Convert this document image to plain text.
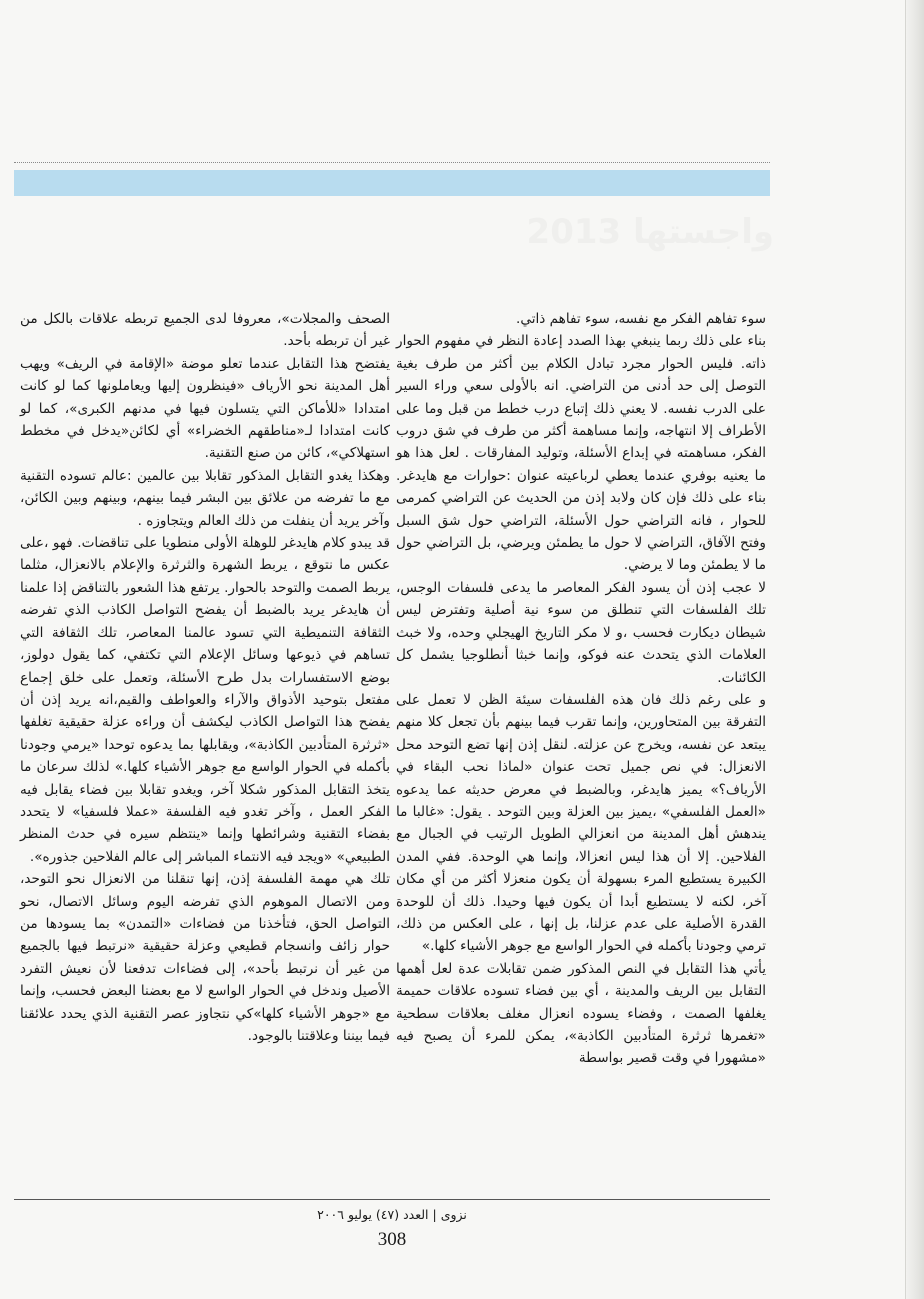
واجستها 2013

سوء تفاهم الفكر مع نفسه، سوء تفاهم ذاتي.

بناء على ذلك ربما ينبغي بهذا الصدد إعادة النظر في مفهوم الحوار ذاته. فليس الحوار مجرد تبادل الكلام بين أكثر من طرف بغية التوصل إلى حد أدنى من التراضي. انه بالأولى سعي وراء السير على الدرب نفسه. لا يعني ذلك إتباع درب خطط من قبل وما على الأطراف إلا انتهاجه، وإنما مساهمة أكثر من طرف في شق دروب الفكر، مساهمته في إبداع الأسئلة، وتوليد المفارقات . لعل هذا هو ما يعنيه بوفري عندما يعطي لرباعيته عنوان :حوارات مع هايدغر. بناء على ذلك فإن كان ولابد إذن من الحديث عن التراضي كمرمى للحوار ، فانه التراضي حول الأسئلة، التراضي حول شق السبل وفتح الآفاق، التراضي لا حول ما يطمئن ويرضي، بل التراضي حول ما لا يطمئن وما لا يرضي.

لا عجب إذن أن يسود الفكر المعاصر ما يدعى فلسفات الوجس، تلك الفلسفات التي تنطلق من سوء نية أصلية وتفترض ليس شيطان ديكارت فحسب ،و لا مكر التاريخ الهيجلي وحده، ولا خبث العلامات الذي يتحدث عنه فوكو، وإنما خبثا أنطلوجيا يشمل كل الكائنات.

و على رغم ذلك فان هذه الفلسفات سيئة الظن لا تعمل على التفرقة بين المتحاورين، وإنما تقرب فيما بينهم بأن تجعل كلا منهم يبتعد عن نفسه، ويخرج عن عزلته. لنقل إذن إنها تضع التوحد محل الانعزال: في نص جميل تحت عنوان «لماذا نحب البقاء في الأرياف؟» يميز هايدغر، وبالضبط في معرض حديثه عما يدعوه «العمل الفلسفي» ،يميز بين العزلة وبين التوحد . يقول: «غالبا ما يندهش أهل المدينة من انعزالي الطويل الرتيب في الجبال مع الفلاحين. إلا أن هذا ليس انعزالا، وإنما هي الوحدة. ففي المدن الكبيرة يستطيع المرء بسهولة أن يكون منعزلا أكثر من أي مكان آخر، لكنه لا يستطيع أبدا أن يكون فيها وحيدا. ذلك أن للوحدة القدرة الأصلية على عدم عزلنا، بل إنها ، على العكس من ذلك، ترمي وجودنا بأكمله في الحوار الواسع مع جوهر الأشياء كلها.»

يأتي هذا التقابل في النص المذكور ضمن تقابلات عدة لعل أهمها التقابل بين الريف والمدينة ، أي بين فضاء تسوده علاقات حميمة يغلفها الصمت ، وفضاء يسوده انعزال مغلف بعلاقات سطحية «تغمرها ثرثرة المتأدبين الكاذبة»، يمكن للمرء أن يصبح فيه «مشهورا في وقت قصير بواسطة

الصحف والمجلات»، معروفا لدى الجميع تربطه علاقات بالكل من غير أن تربطه بأحد.

يفتضح هذا التقابل عندما تعلو موضة «الإقامة في الريف» ويهب أهل المدينة نحو الأرياف «فينظرون إليها ويعاملونها كما لو كانت امتدادا «للأماكن التي يتسلون فيها في مدنهم الكبرى»، كما لو كانت امتدادا لـ«مناطقهم الخضراء» أي لكائن«يدخل في مخطط استهلاكي»، كائن من صنع التقنية.

وهكذا يغدو التقابل المذكور تقابلا بين عالمين :عالم تسوده التقنية مع ما تفرضه من علائق بين البشر فيما بينهم، وبينهم وبين الكائن، وآخر يريد أن ينفلت من ذلك العالم ويتجاوزه .

قد يبدو كلام هايدغر للوهلة الأولى منطويا على تناقضات. فهو ،على عكس ما نتوقع ، يربط الشهرة والثرثرة والإعلام بالانعزال، مثلما يربط الصمت والتوحد بالحوار. يرتفع هذا الشعور بالتناقض إذا علمنا أن هايدغر يريد بالضبط أن يفضح التواصل الكاذب الذي تفرضه الثقافة التنميطية التي تسود عالمنا المعاصر، تلك الثقافة التي تساهم في ذيوعها وسائل الإعلام التي تكتفي، كما يقول دولوز، بوضع الاستفسارات بدل طرح الأسئلة، وتعمل على خلق إجماع مفتعل بتوحيد الأذواق والآراء والعواطف والقيم،انه يريد إذن أن يفضح هذا التواصل الكاذب ليكشف أن وراءه عزلة حقيقية تغلفها «ثرثرة المتأدبين الكاذبة»، ويقابلها بما يدعوه توحدا «يرمي وجودنا بأكمله في الحوار الواسع مع جوهر الأشياء كلها.» لذلك سرعان ما يتخذ التقابل المذكور شكلا آخر، ويغدو تقابلا بين فضاء يقابل فيه الفكر العمل ، وآخر تغدو فيه الفلسفة «عملا فلسفيا» لا يتحدد بفضاء التقنية وشرائطها وإنما «ينتظم سيره في حدث المنظر الطبيعي» «ويجد فيه الانتماء المباشر إلى عالم الفلاحين جذوره».

تلك هي مهمة الفلسفة إذن، إنها تنقلنا من الانعزال نحو التوحد، ومن الاتصال الموهوم الذي تفرضه اليوم وسائل الاتصال، نحو التواصل الحق، فتأخذنا من فضاءات «التمدن» بما يسودها من حوار زائف وانسجام قطيعي وعزلة حقيقية «نرتبط فيها بالجميع من غير أن نرتبط بأحد»، إلى فضاءات تدفعنا لأن نعيش التفرد الأصيل وندخل في الحوار الواسع لا مع بعضنا البعض فحسب، وإنما مع «جوهر الأشياء كلها»كي نتجاوز عصر التقنية الذي يحدد علائقنا فيما بيننا وعلاقتنا بالوجود.

نزوى | العدد (٤٧) يوليو ٢٠٠٦
308
